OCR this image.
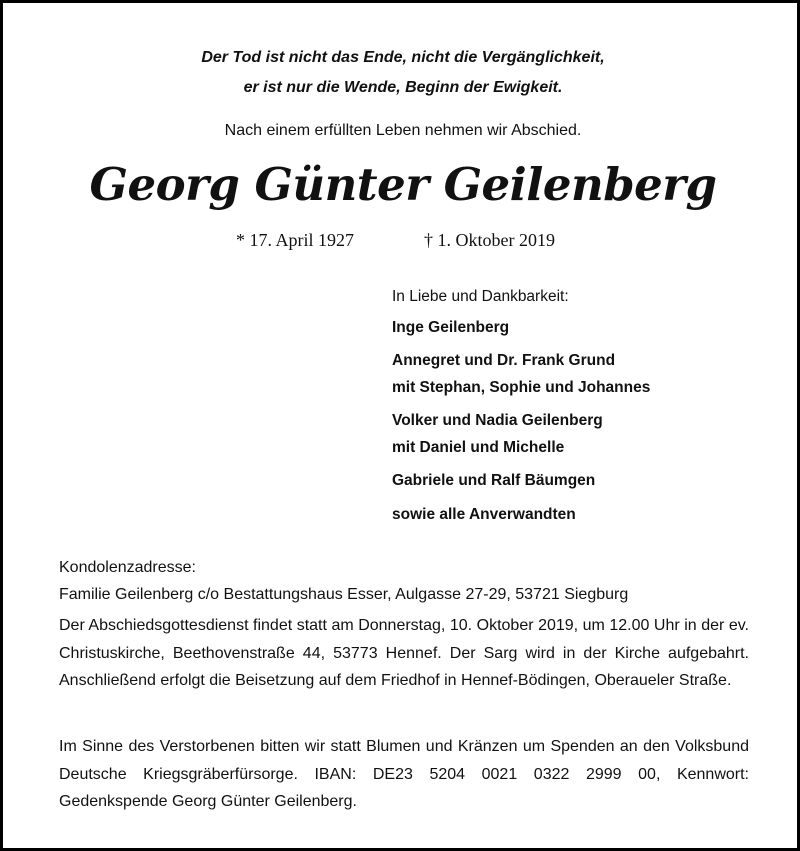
Der Tod ist nicht das Ende, nicht die Vergänglichkeit,
er ist nur die Wende, Beginn der Ewigkeit.
Nach einem erfüllten Leben nehmen wir Abschied.
Georg Günter Geilenberg
* 17. April 1927	† 1. Oktober 2019
In Liebe und Dankbarkeit:
Inge Geilenberg
Annegret und Dr. Frank Grund
mit Stephan, Sophie und Johannes
Volker und Nadia Geilenberg
mit Daniel und Michelle
Gabriele und Ralf Bäumgen
sowie alle Anverwandten
Kondolenzadresse:
Familie Geilenberg c/o Bestattungshaus Esser, Aulgasse 27-29, 53721 Siegburg
Der Abschiedsgottesdienst findet statt am Donnerstag, 10. Oktober 2019, um 12.00 Uhr in der ev. Christuskirche, Beethovenstraße 44, 53773 Hennef. Der Sarg wird in der Kirche aufgebahrt. Anschließend erfolgt die Beisetzung auf dem Friedhof in Hennef-Bödingen, Oberaueler Straße.
Im Sinne des Verstorbenen bitten wir statt Blumen und Kränzen um Spenden an den Volksbund Deutsche Kriegsgräberfürsorge. IBAN: DE23 5204 0021 0322 2999 00, Kennwort: Gedenkspende Georg Günter Geilenberg.
